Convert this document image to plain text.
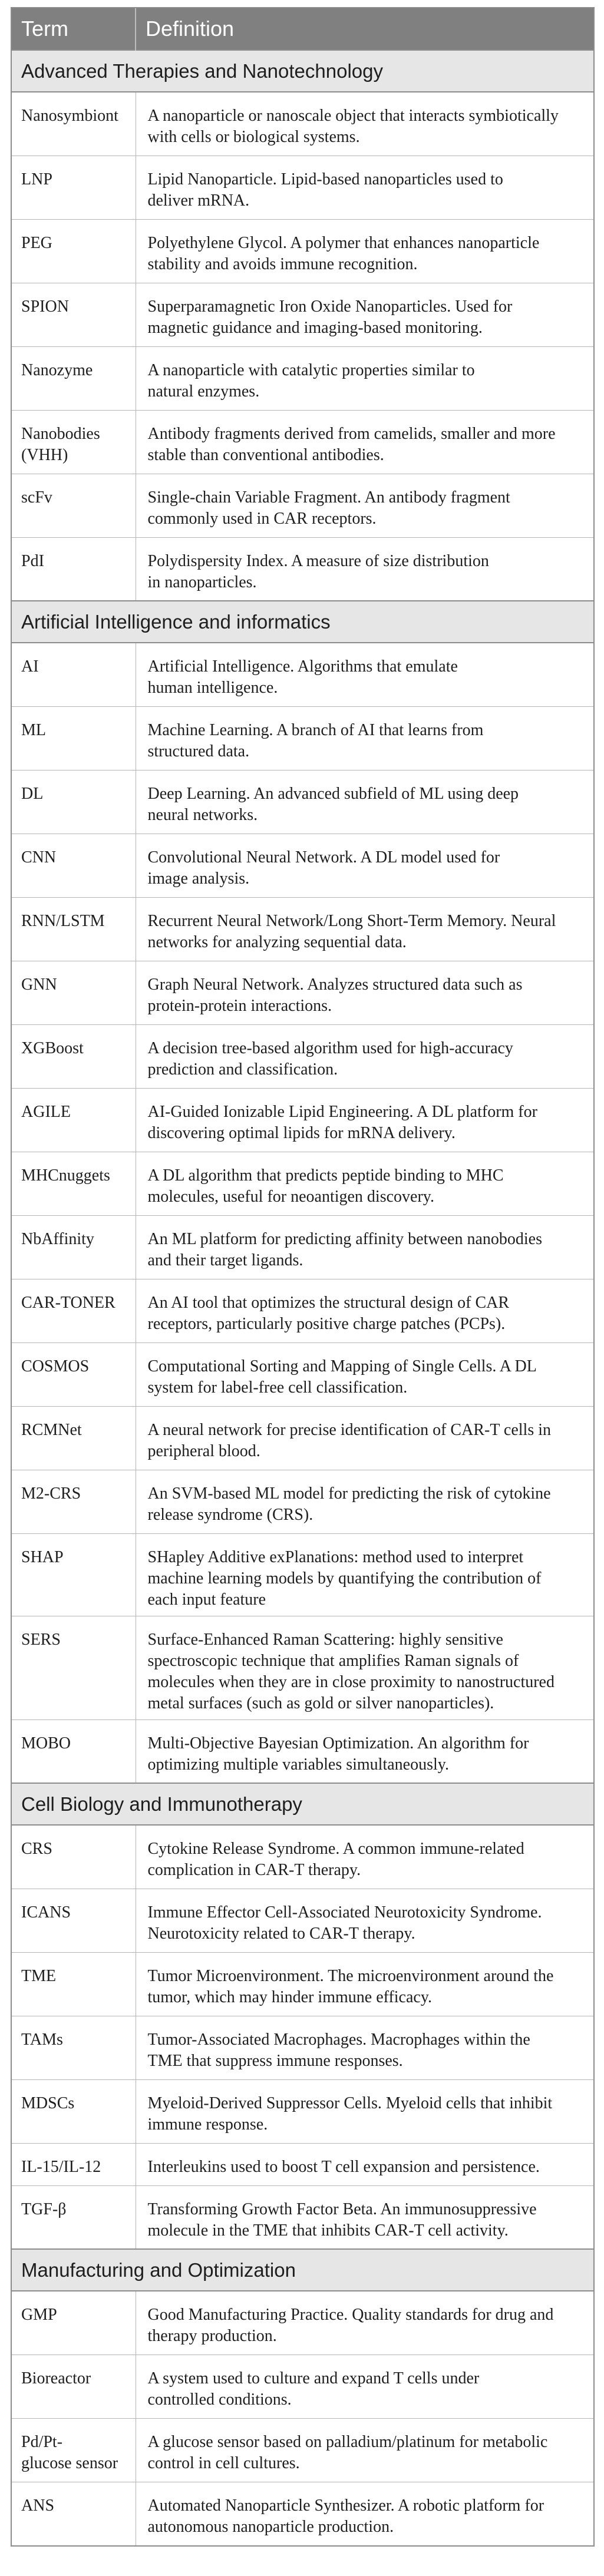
Term	Definition
Advanced Therapies and Nanotechnology	

Nanosymbiont	A nanoparticle or nanoscale object that interacts symbiotically
with cells or biological systems.

LNP	Lipid Nanoparticle. Lipid-based nanoparticles used to
deliver mRNA.

PEG	Polyethylene Glycol. A polymer that enhances nanoparticle
stability and avoids immune recognition.

SPION	Superparamagnetic Iron Oxide Nanoparticles. Used for
magnetic guidance and imaging-based monitoring.

Nanozyme	A nanoparticle with catalytic properties similar to
natural enzymes.

Nanobodies
(VHH)	Antibody fragments derived from camelids, smaller and more
stable than conventional antibodies.

scFv	Single-chain Variable Fragment. An antibody fragment
commonly used in CAR receptors.

PdI	Polydispersity Index. A measure of size distribution
in nanoparticles.

Artificial Intelligence and informatics	

AI	Artificial Intelligence. Algorithms that emulate
human intelligence.

ML	Machine Learning. A branch of AI that learns from
structured data.

DL	Deep Learning. An advanced subfield of ML using deep
neural networks.

CNN	Convolutional Neural Network. A DL model used for
image analysis.

RNN/LSTM	Recurrent Neural Network/Long Short-Term Memory. Neural
networks for analyzing sequential data.

GNN	Graph Neural Network. Analyzes structured data such as
protein-protein interactions.

XGBoost	A decision tree-based algorithm used for high-accuracy
prediction and classification.

AGILE	AI-Guided Ionizable Lipid Engineering. A DL platform for
discovering optimal lipids for mRNA delivery.

MHCnuggets	A DL algorithm that predicts peptide binding to MHC
molecules, useful for neoantigen discovery.

NbAffinity	An ML platform for predicting affinity between nanobodies
and their target ligands.

CAR-TONER	An AI tool that optimizes the structural design of CAR
receptors, particularly positive charge patches (PCPs).

COSMOS	Computational Sorting and Mapping of Single Cells. A DL
system for label-free cell classification.

RCMNet	A neural network for precise identification of CAR-T cells in
peripheral blood.

M2-CRS	An SVM-based ML model for predicting the risk of cytokine
release syndrome (CRS).

SHAP	SHapley Additive exPlanations: method used to interpret
machine learning models by quantifying the contribution of
each input feature

SERS	Surface-Enhanced Raman Scattering: highly sensitive
spectroscopic technique that amplifies Raman signals of
molecules when they are in close proximity to nanostructured
metal surfaces (such as gold or silver nanoparticles).

MOBO	Multi-Objective Bayesian Optimization. An algorithm for
optimizing multiple variables simultaneously.

Cell Biology and Immunotherapy	

CRS	Cytokine Release Syndrome. A common immune-related
complication in CAR-T therapy.

ICANS	Immune Effector Cell-Associated Neurotoxicity Syndrome.
Neurotoxicity related to CAR-T therapy.

TME	Tumor Microenvironment. The microenvironment around the
tumor, which may hinder immune efficacy.

TAMs	Tumor-Associated Macrophages. Macrophages within the
TME that suppress immune responses.

MDSCs	Myeloid-Derived Suppressor Cells. Myeloid cells that inhibit
immune response.

IL-15/IL-12	Interleukins used to boost T cell expansion and persistence.

TGF-β	Transforming Growth Factor Beta. An immunosuppressive
molecule in the TME that inhibits CAR-T cell activity.

Manufacturing and Optimization	

GMP	Good Manufacturing Practice. Quality standards for drug and
therapy production.

Bioreactor	A system used to culture and expand T cells under
controlled conditions.

Pd/Pt-
glucose sensor	A glucose sensor based on palladium/platinum for metabolic
control in cell cultures.

ANS	Automated Nanoparticle Synthesizer. A robotic platform for
autonomous nanoparticle production.
